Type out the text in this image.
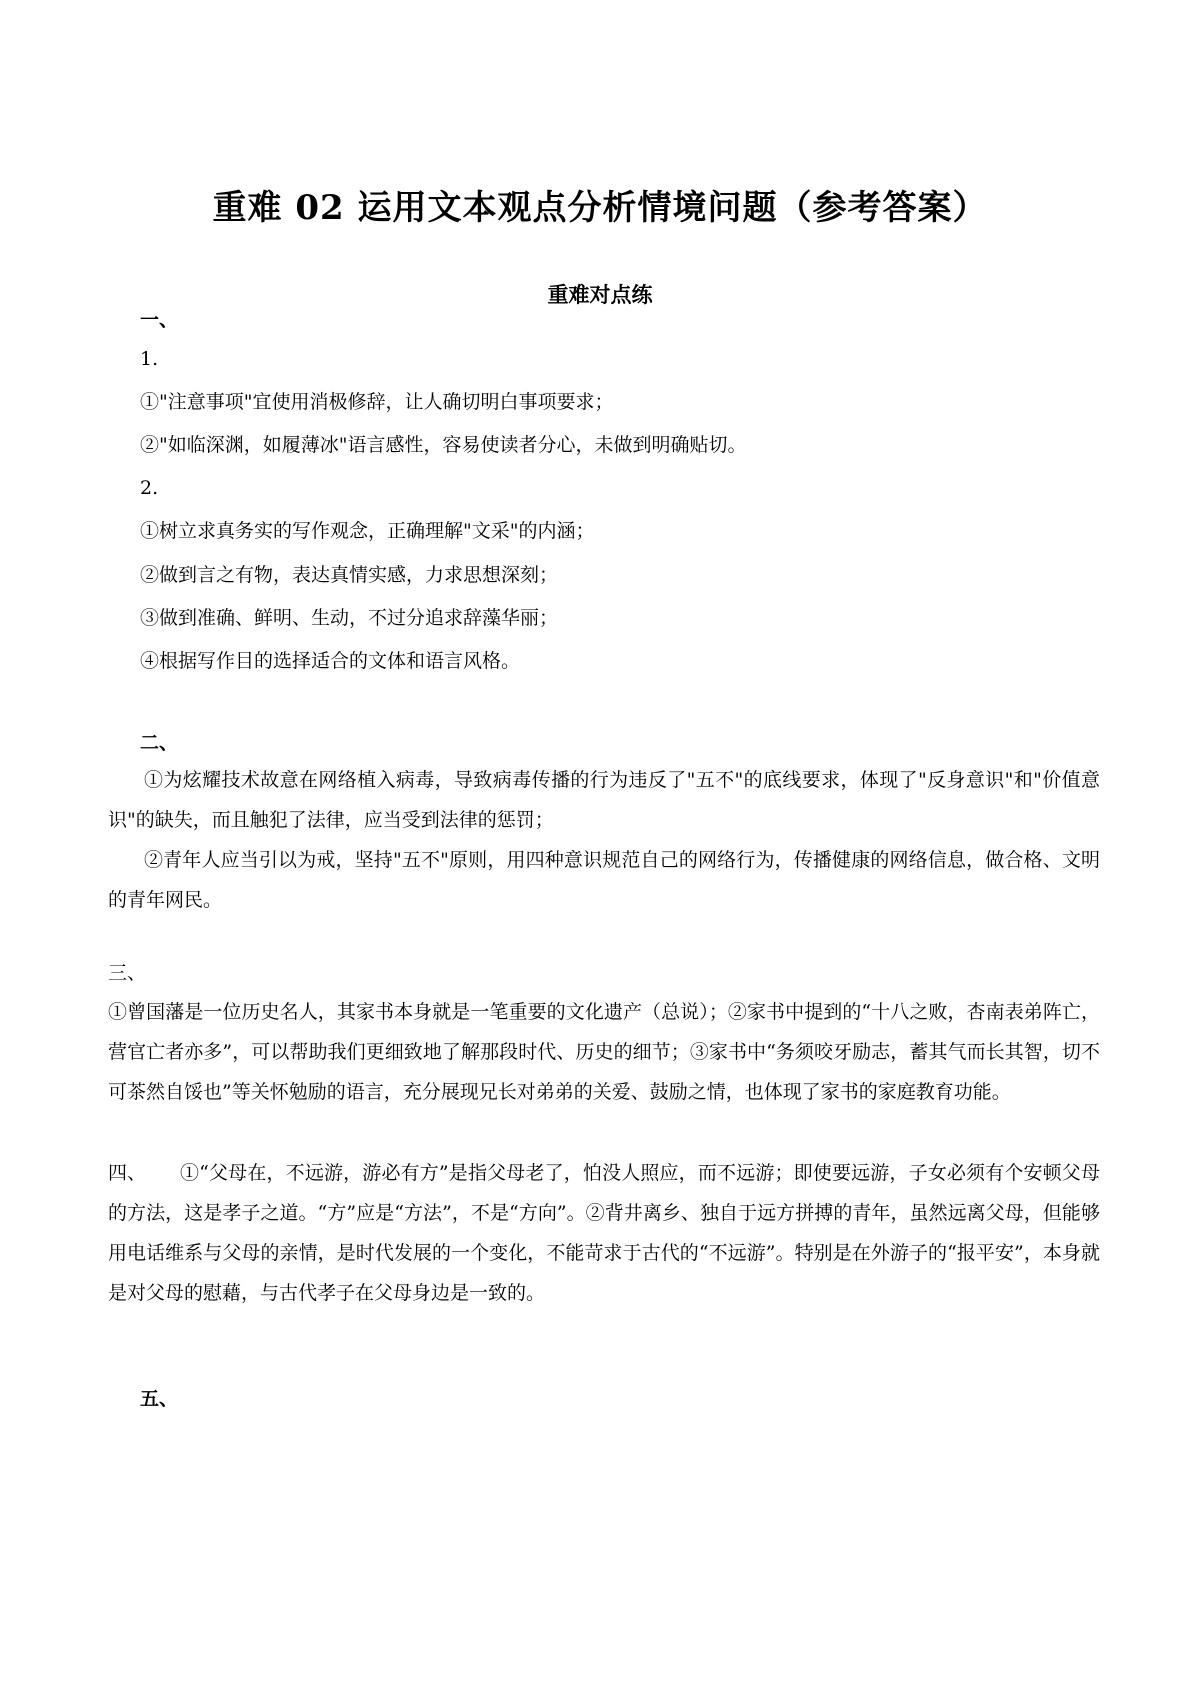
重难 02 运用文本观点分析情境问题（参考答案）
重难对点练
一、
1.
①"注意事项"宜使用消极修辞，让人确切明白事项要求；
②"如临深渊，如履薄冰"语言感性，容易使读者分心，未做到明确贴切。
2.
①树立求真务实的写作观念，正确理解"文采"的内涵；
②做到言之有物，表达真情实感，力求思想深刻；
③做到准确、鲜明、生动，不过分追求辞藻华丽；
④根据写作目的选择适合的文体和语言风格。
二、
①为炫耀技术故意在网络植入病毒，导致病毒传播的行为违反了"五不"的底线要求，体现了"反身意识"和"价值意识"的缺失，而且触犯了法律，应当受到法律的惩罚；
②青年人应当引以为戒，坚持"五不"原则，用四种意识规范自己的网络行为，传播健康的网络信息，做合格、文明的青年网民。
三、
①曾国藩是一位历史名人，其家书本身就是一笔重要的文化遗产（总说）；②家书中提到的“十八之败，杏南表弟阵亡，营官亡者亦多”，可以帮助我们更细致地了解那段时代、历史的细节；③家书中“务须咬牙励志，蓄其气而长其智，切不可茶然自馁也”等关怀勉励的语言，充分展现兄长对弟弟的关爱、鼓励之情，也体现了家书的家庭教育功能。
四、	①“父母在，不远游，游必有方”是指父母老了，怕没人照应，而不远游；即使要远游，子女必须有个安顿父母的方法，这是孝子之道。“方”应是“方法”，不是“方向”。②背井离乡、独自于远方拼搏的青年，虽然远离父母，但能够用电话维系与父母的亲情，是时代发展的一个变化，不能苛求于古代的“不远游”。特别是在外游子的“报平安”，本身就是对父母的慰藉，与古代孝子在父母身边是一致的。
五、
